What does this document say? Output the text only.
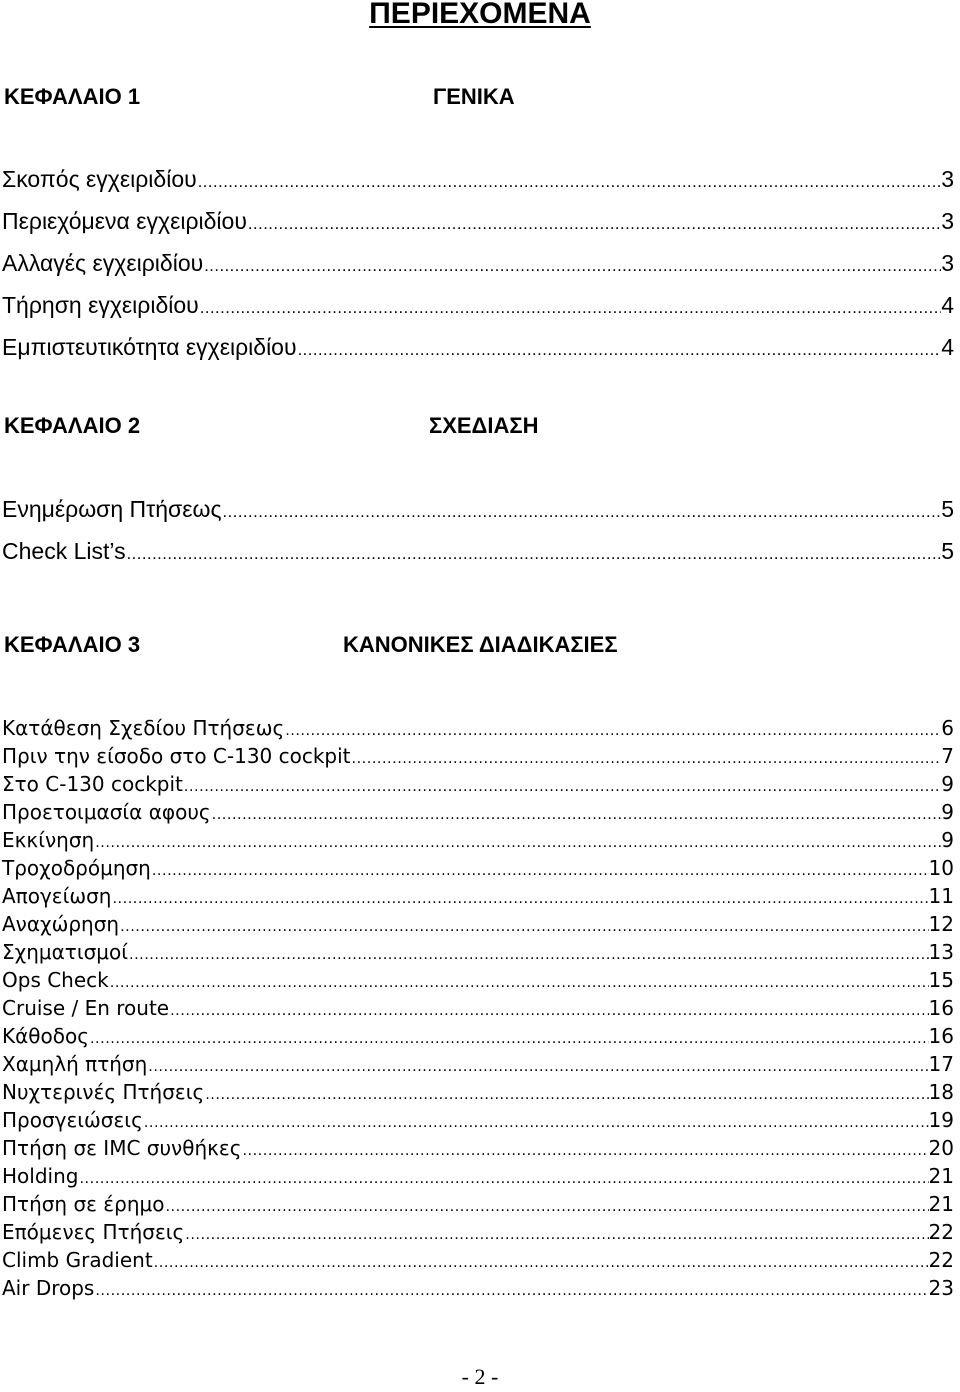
ΠΕΡΙΕΧΟΜΕΝΑ
ΚΕΦΑΛΑΙΟ 1	ΓΕΝΙΚΑ
Σκοπός εγχειριδίου .....	3
Περιεχόμενα εγχειριδίου .....	3
Αλλαγές εγχειριδίου .....	3
Τήρηση εγχειριδίου .....	4
Εμπιστευτικότητα εγχειριδίου .....	4
ΚΕΦΑΛΑΙΟ 2	ΣΧΕΔΙΑΣΗ
Ενημέρωση Πτήσεως .....	5
Check List’s .....	5
ΚΕΦΑΛΑΙΟ 3	ΚΑΝΟΝΙΚΕΣ ΔΙΑΔΙΚΑΣΙΕΣ
Κατάθεση Σχεδίου Πτήσεως .....	6
Πριν την είσοδο στο C-130 cockpit .....	7
Στο C-130 cockpit .....	9
Προετοιμασία αφους .....	9
Εκκίνηση .....	9
Τροχοδρόμηση .....	10
Απογείωση .....	11
Αναχώρηση .....	12
Σχηματισμοί .....	13
Ops Check .....	15
Cruise / En route .....	16
Κάθοδος .....	16
Χαμηλή πτήση .....	17
Νυχτερινές Πτήσεις .....	18
Προσγειώσεις .....	19
Πτήση σε IMC συνθήκες .....	20
Holding .....	21
Πτήση σε έρημο .....	21
Επόμενες Πτήσεις .....	22
Climb Gradient .....	22
Air Drops .....	23
- 2 -
